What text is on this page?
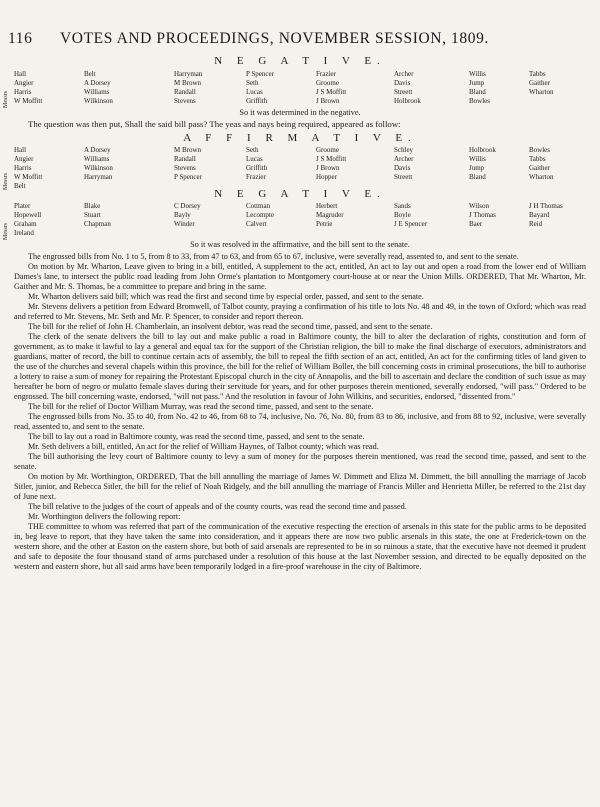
116 VOTES AND PROCEEDINGS, NOVEMBER SESSION, 1809.
N E G A T I V E.
Messrs
Hall	Belt	Harryman	P Spencer	Frazier	Archer	Willis	Tabbs
Angier	A Dorsey	M Brown	Seth	Groome	Davis	Jump	Gaither
Harris	Williams	Randall	Lucas	J S Moffitt	Streett	Bland	Wharton
W Moffitt	Wilkinson	Stevens	Griffith	J Brown	Holbrook	Bowles
So it was determined in the negative.

The question was then put, Shall the said bill pass? The yeas and nays being required, appeared as follow:

A F F I R M A T I V E.
Messrs
Hall	A Dorsey	M Brown	Seth	Groome	Schley	Holbrook	Bowles
Angier	Williams	Randall	Lucas	J S Moffitt	Archer	Willis	Tabbs
Harris	Wilkinson	Stevens	Griffith	J Brown	Davis	Jump	Gaither
W Moffitt	Harryman	P Spencer	Frazier	Hopper	Streett	Bland	Wharton
Belt
N E G A T I V E.
Messrs
Plater	Blake	C Dorsey	Cottman	Herbert	Sands	Wilson	J H Thomas
Hopewell	Stuart	Bayly	Lecompte	Magruder	Boyle	J Thomas	Bayard
Graham	Chapman	Winder	Calvert	Petrie	J E Spencer	Baer	Reid
Ireland
So it was resolved in the affirmative, and the bill sent to the senate.

The engrossed bills from No. 1 to 5, from 8 to 33, from 47 to 63, and from 65 to 67, inclusive, were severally read, assented to, and sent to the senate.

On motion by Mr. Wharton, Leave given to bring in a bill, entitled, A supplement to the act, entitled, An act to lay out and open a road from the lower end of William Dames's lane, to intersect the public road leading from John Orme's plantation to Montgomery court-house at or near the Union Mills. ORDERED, That Mr. Wharton, Mr. Gaither and Mr. S. Thomas, be a committee to prepare and bring in the same.

Mr. Wharton delivers said bill; which was read the first and second time by especial order, passed, and sent to the senate.

Mr. Stevens delivers a petition from Edward Bromwell, of Talbot county, praying a confirmation of his title to lots No. 48 and 49, in the town of Oxford; which was read and referred to Mr. Stevens, Mr. Seth and Mr. P. Spencer, to consider and report thereon.

The bill for the relief of John H. Chamberlain, an insolvent debtor, was read the second time, passed, and sent to the senate.

The clerk of the senate delivers the bill to lay out and make public a road in Baltimore county, the bill to alter the declaration of rights, constitution and form of government, as to make it lawful to lay a general and equal tax for the support of the Christian religion, the bill to make the final discharge of executors, administrators and guardians, matter of record, the bill to continue certain acts of assembly, the bill to repeal the fifth section of an act, entitled, An act for the confirming titles of land given to the use of the churches and several chapels within this province, the bill for the relief of William Boller, the bill concerning costs in criminal prosecutions, the bill to authorise a lottery to raise a sum of money for repairing the Protestant Episcopal church in the city of Annapolis, and the bill to ascertain and declare the condition of such issue as may hereafter be born of negro or mulatto female slaves during their servitude for years, and for other purposes therein mentioned, severally endorsed, "will pass." Ordered to be engrossed. The bill concerning waste, endorsed, "will not pass." And the resolution in favour of John Wilkins, and securities, endorsed, "dissented from."

The bill for the relief of Doctor William Murray, was read the second time, passed, and sent to the senate.

The engrossed bills from No. 35 to 40, from No. 42 to 46, from 68 to 74, inclusive, No. 76, No. 80, from 83 to 86, inclusive, and from 88 to 92, inclusive, were severally read, assented to, and sent to the senate.

The bill to lay out a road in Baltimore county, was read the second time, passed, and sent to the senate.

Mr. Seth delivers a bill, entitled, An act for the relief of William Haynes, of Talbot county; which was read.

The bill authorising the levy court of Baltimore county to levy a sum of money for the purposes therein mentioned, was read the second time, passed, and sent to the senate.

On motion by Mr. Worthington, ORDERED, That the bill annulling the marriage of James W. Dimmett and Eliza M. Dimmett, the bill annulling the marriage of Jacob Sitler, junior, and Rebecca Sitler, the bill for the relief of Noah Ridgely, and the bill annulling the marriage of Francis Miller and Henrietta Miller, be referred to the 21st day of June next.

The bill relative to the judges of the court of appeals and of the county courts, was read the second time and passed.

Mr. Worthington delivers the following report:

THE committee to whom was referred that part of the communication of the executive respecting the erection of arsenals in this state for the public arms to be deposited in, beg leave to report, that they have taken the same into consideration, and it appears there are now two public arsenals in this state, the one at Frederick-town on the western shore, and the other at Easton on the eastern shore, but both of said arsenals are represented to be in so ruinous a state, that the executive have not deemed it prudent and safe to deposite the four thousand stand of arms purchased under a resolution of this house at the last November session, and directed to be equally deposited on the western and eastern shore, but all said arms have been temporarily lodged in a fire-proof warehouse in the city of Baltimore.
